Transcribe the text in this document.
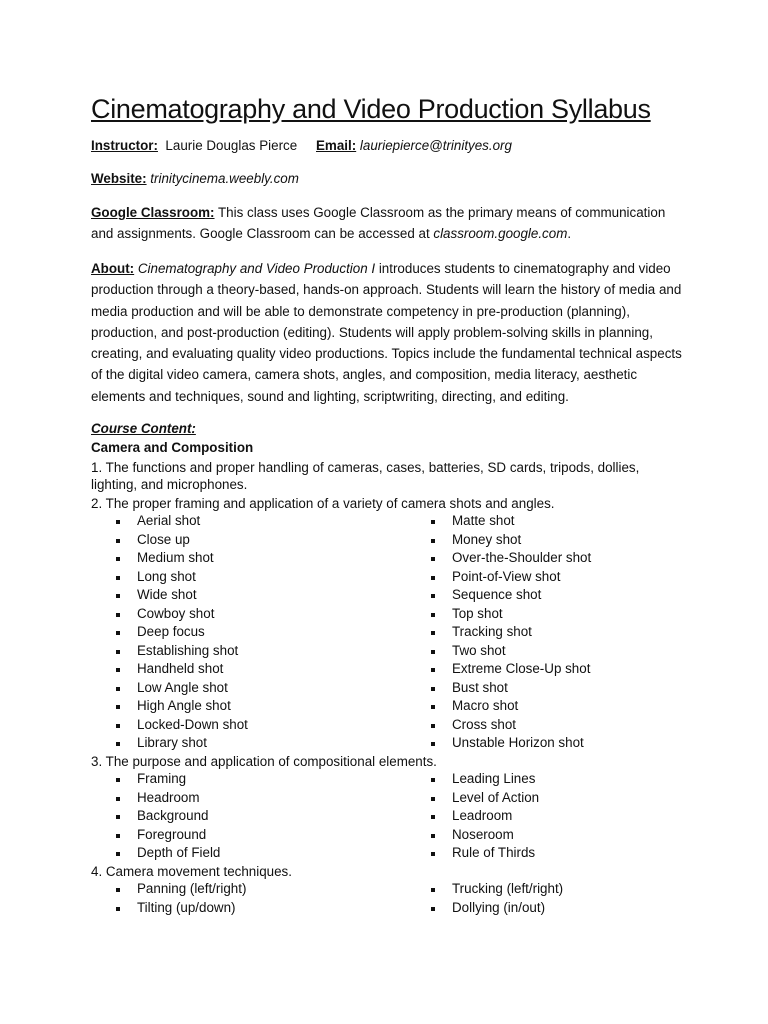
Cinematography and Video Production Syllabus
Instructor: Laurie Douglas Pierce Email: lauriepierce@trinityes.org
Website: trinitycinema.weebly.com

Google Classroom: This class uses Google Classroom as the primary means of communication and assignments. Google Classroom can be accessed at classroom.google.com.

About: Cinematography and Video Production I introduces students to cinematography and video production through a theory-based, hands-on approach. Students will learn the history of media and media production and will be able to demonstrate competency in pre-production (planning), production, and post-production (editing). Students will apply problem-solving skills in planning, creating, and evaluating quality video productions. Topics include the fundamental technical aspects of the digital video camera, camera shots, angles, and composition, media literacy, aesthetic elements and techniques, sound and lighting, scriptwriting, directing, and editing.

Course Content:
Camera and Composition

1. The functions and proper handling of cameras, cases, batteries, SD cards, tripods, dollies, lighting, and microphones.

2. The proper framing and application of a variety of camera shots and angles.

Aerial shot
Close up
Medium shot
Long shot
Wide shot
Cowboy shot
Deep focus
Establishing shot
Handheld shot
Low Angle shot
High Angle shot
Locked-Down shot
Library shot
Matte shot
Money shot
Over-the-Shoulder shot
Point-of-View shot
Sequence shot
Top shot
Tracking shot
Two shot
Extreme Close-Up shot
Bust shot
Macro shot
Cross shot
Unstable Horizon shot

3. The purpose and application of compositional elements.

Framing
Headroom
Background
Foreground
Depth of Field
Leading Lines
Level of Action
Leadroom
Noseroom
Rule of Thirds

4. Camera movement techniques.

Panning (left/right)
Tilting (up/down)
Trucking (left/right)
Dollying (in/out)
